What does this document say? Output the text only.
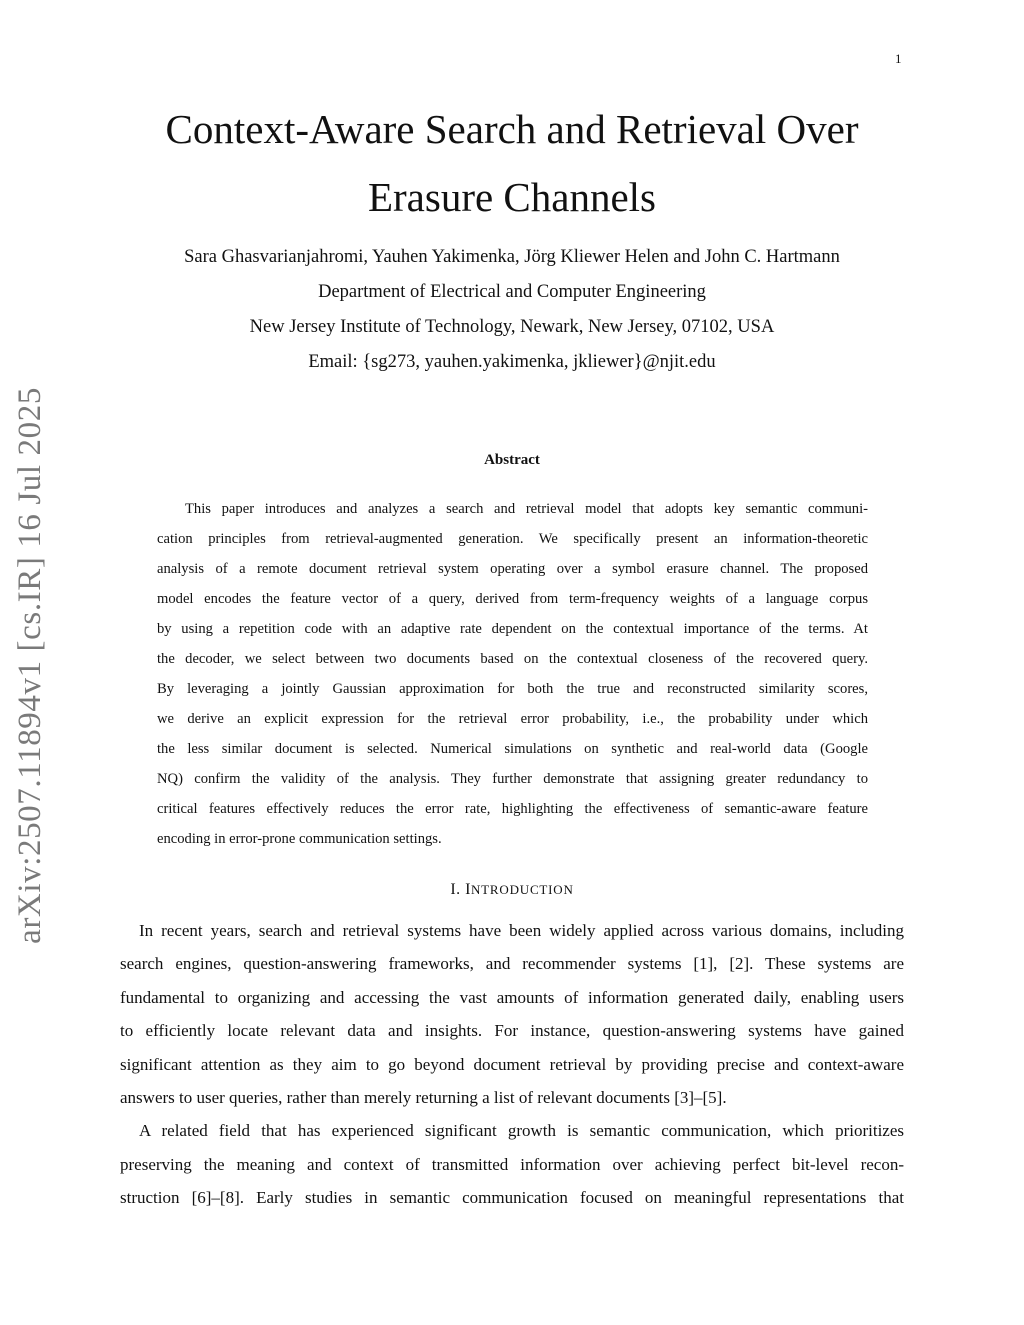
1
arXiv:2507.11894v1 [cs.IR] 16 Jul 2025
Context-Aware Search and Retrieval Over
Erasure Channels
Sara Ghasvarianjahromi, Yauhen Yakimenka, Jörg Kliewer Helen and John C. Hartmann
Department of Electrical and Computer Engineering
New Jersey Institute of Technology, Newark, New Jersey, 07102, USA
Email: {sg273, yauhen.yakimenka, jkliewer}@njit.edu
Abstract
This paper introduces and analyzes a search and retrieval model that adopts key semantic communi-
cation principles from retrieval-augmented generation. We specifically present an information-theoretic
analysis of a remote document retrieval system operating over a symbol erasure channel. The proposed
model encodes the feature vector of a query, derived from term-frequency weights of a language corpus
by using a repetition code with an adaptive rate dependent on the contextual importance of the terms. At
the decoder, we select between two documents based on the contextual closeness of the recovered query.
By leveraging a jointly Gaussian approximation for both the true and reconstructed similarity scores,
we derive an explicit expression for the retrieval error probability, i.e., the probability under which
the less similar document is selected. Numerical simulations on synthetic and real-world data (Google
NQ) confirm the validity of the analysis. They further demonstrate that assigning greater redundancy to
critical features effectively reduces the error rate, highlighting the effectiveness of semantic-aware feature
encoding in error-prone communication settings.
I. INTRODUCTION
In recent years, search and retrieval systems have been widely applied across various domains, including
search engines, question-answering frameworks, and recommender systems [1], [2]. These systems are
fundamental to organizing and accessing the vast amounts of information generated daily, enabling users
to efficiently locate relevant data and insights. For instance, question-answering systems have gained
significant attention as they aim to go beyond document retrieval by providing precise and context-aware
answers to user queries, rather than merely returning a list of relevant documents [3]–[5].
A related field that has experienced significant growth is semantic communication, which prioritizes
preserving the meaning and context of transmitted information over achieving perfect bit-level recon-
struction [6]–[8]. Early studies in semantic communication focused on meaningful representations that
